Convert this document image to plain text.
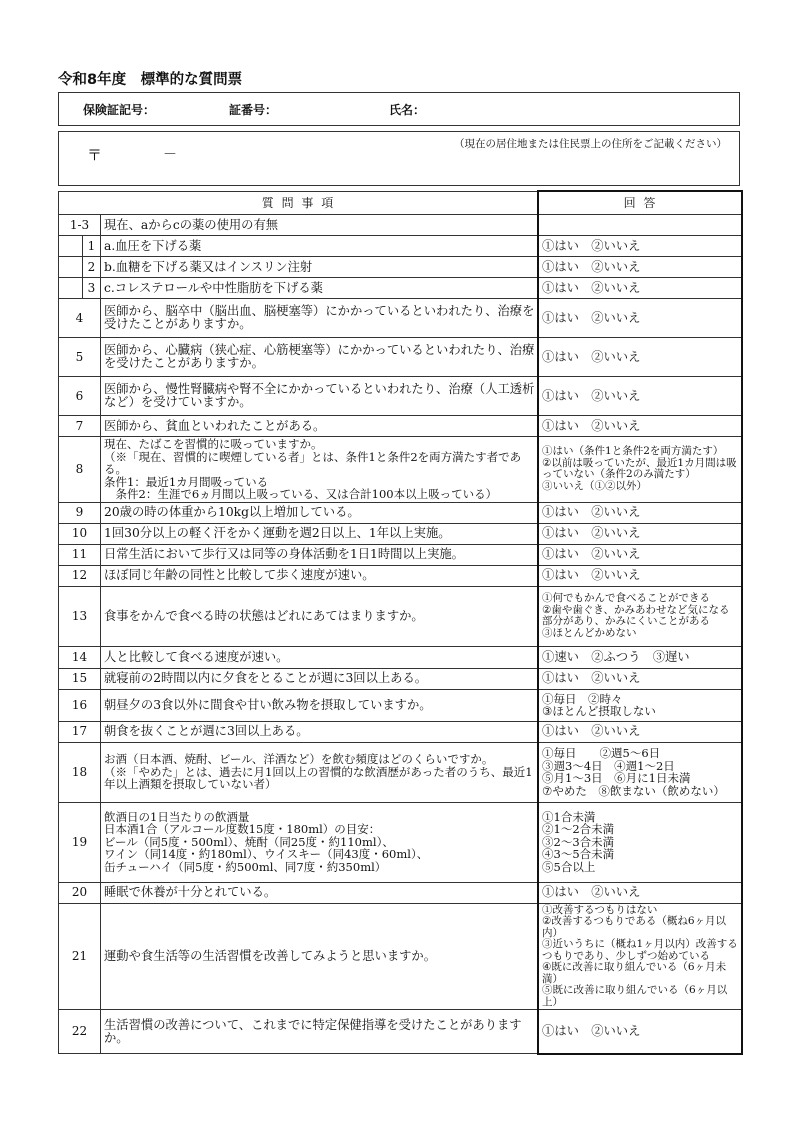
令和8年度　標準的な質問票
保険証記号：	証番号：	氏名：
（現在の居住地または住民票上の住所をご記載ください）
〒	－
質 問 事 項			回 答
1-3		現在、aからcの薬の使用の有無	
	1	a.血圧を下げる薬	①はい　②いいえ
	2	b.血糖を下げる薬又はインスリン注射	①はい　②いいえ
	3	c.コレステロールや中性脂肪を下げる薬	①はい　②いいえ
4		医師から、脳卒中（脳出血、脳梗塞等）にかかっているといわれたり、治療を受けたことがありますか。	①はい　②いいえ
5		医師から、心臓病（狭心症、心筋梗塞等）にかかっているといわれたり、治療を受けたことがありますか。	①はい　②いいえ
6		医師から、慢性腎臓病や腎不全にかかっているといわれたり、治療（人工透析など）を受けていますか。	①はい　②いいえ
7		医師から、貧血といわれたことがある。	①はい　②いいえ
8		現在、たばこを習慣的に吸っていますか。
（※「現在、習慣的に喫煙している者」とは、条件1と条件2を両方満たす者である。
条件1：最近1カ月間吸っている
　条件2：生涯で6ヵ月間以上吸っている、又は合計100本以上吸っている）	①はい（条件1と条件2を両方満たす）
②以前は吸っていたが、最近1カ月間は吸っていない（条件2のみ満たす）
③いいえ（①②以外）
9		20歳の時の体重から10kg以上増加している。	①はい　②いいえ
10		1回30分以上の軽く汗をかく運動を週2日以上、1年以上実施。	①はい　②いいえ
11		日常生活において歩行又は同等の身体活動を1日1時間以上実施。	①はい　②いいえ
12		ほぼ同じ年齢の同性と比較して歩く速度が速い。	①はい　②いいえ
13		食事をかんで食べる時の状態はどれにあてはまりますか。	①何でもかんで食べることができる
②歯や歯ぐき、かみあわせなど気になる部分があり、かみにくいことがある
③ほとんどかめない
14		人と比較して食べる速度が速い。	①速い　②ふつう　③遅い
15		就寝前の2時間以内に夕食をとることが週に3回以上ある。	①はい　②いいえ
16		朝昼夕の3食以外に間食や甘い飲み物を摂取していますか。	①毎日　②時々
③ほとんど摂取しない
17		朝食を抜くことが週に3回以上ある。	①はい　②いいえ
18		お酒（日本酒、焼酎、ビール、洋酒など）を飲む頻度はどのくらいですか。
（※「やめた」とは、過去に月1回以上の習慣的な飲酒歴があった者のうち、最近1年以上酒類を摂取していない者）	①毎日　　②週5～6日
③週3～4日　④週1～2日
⑤月1～3日　⑥月に1日未満
⑦やめた　⑧飲まない（飲めない）
19		飲酒日の1日当たりの飲酒量
日本酒1合（アルコール度数15度・180ml）の目安：
ビール（同5度・500ml）、焼酎（同25度・約110ml）、
ワイン（同14度・約180ml）、ウイスキー（同43度・60ml）、
缶チューハイ（同5度・約500ml、同7度・約350ml）	①1合未満
②1～2合未満
③2～3合未満
④3～5合未満
⑤5合以上
20		睡眠で休養が十分とれている。	①はい　②いいえ
21		運動や食生活等の生活習慣を改善してみようと思いますか。	①改善するつもりはない
②改善するつもりである（概ね6ヶ月以内）
③近いうちに（概ね1ヶ月以内）改善するつもりであり、少しずつ始めている
④既に改善に取り組んでいる（6ヶ月未満）
⑤既に改善に取り組んでいる（6ヶ月以上）
22		生活習慣の改善について、これまでに特定保健指導を受けたことがありますか。	①はい　②いいえ
